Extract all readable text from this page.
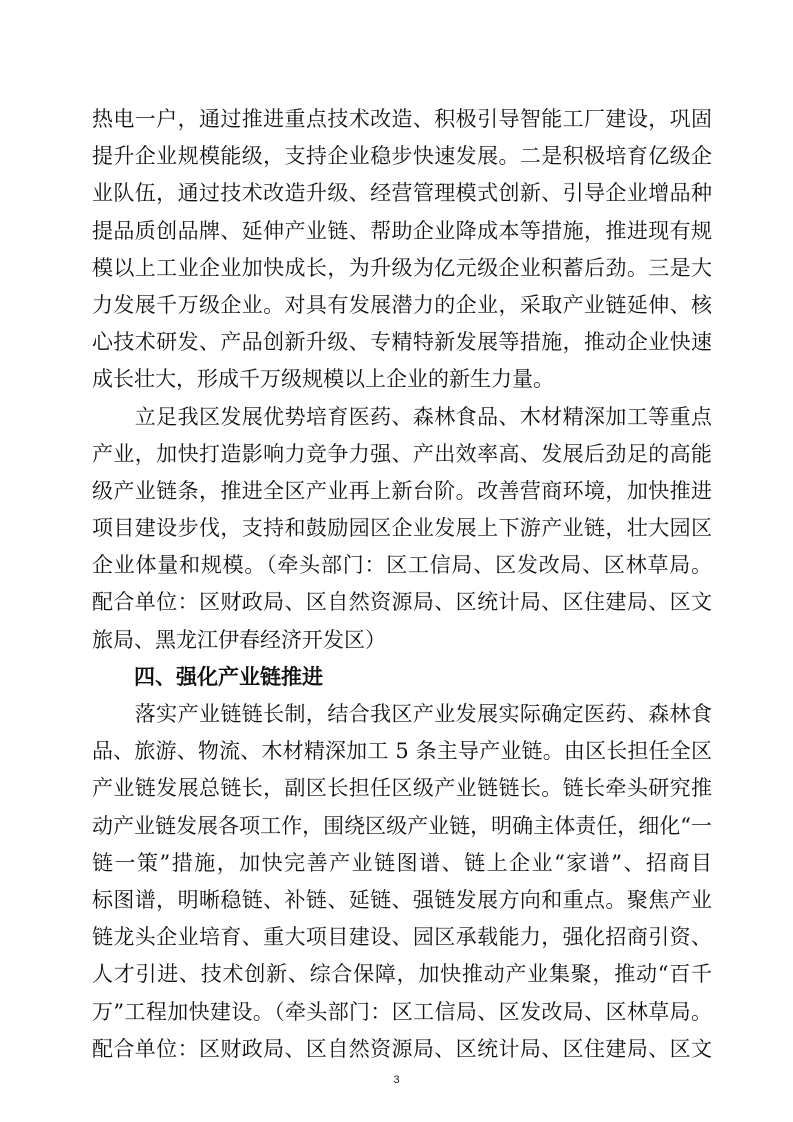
热电一户，通过推进重点技术改造、积极引导智能工厂建设，巩固
提升企业规模能级，支持企业稳步快速发展。二是积极培育亿级企
业队伍，通过技术改造升级、经营管理模式创新、引导企业增品种
提品质创品牌、延伸产业链、帮助企业降成本等措施，推进现有规
模以上工业企业加快成长，为升级为亿元级企业积蓄后劲。三是大
力发展千万级企业。对具有发展潜力的企业，采取产业链延伸、核
心技术研发、产品创新升级、专精特新发展等措施，推动企业快速
成长壮大，形成千万级规模以上企业的新生力量。
　　立足我区发展优势培育医药、森林食品、木材精深加工等重点
产业，加快打造影响力竞争力强、产出效率高、发展后劲足的高能
级产业链条，推进全区产业再上新台阶。改善营商环境，加快推进
项目建设步伐，支持和鼓励园区企业发展上下游产业链，壮大园区
企业体量和规模。（牵头部门：区工信局、区发改局、区林草局。
配合单位：区财政局、区自然资源局、区统计局、区住建局、区文
旅局、黑龙江伊春经济开发区）
　　四、强化产业链推进
　　落实产业链链长制，结合我区产业发展实际确定医药、森林食
品、旅游、物流、木材精深加工 5 条主导产业链。由区长担任全区
产业链发展总链长，副区长担任区级产业链链长。链长牵头研究推
动产业链发展各项工作，围绕区级产业链，明确主体责任，细化“一
链一策”措施，加快完善产业链图谱、链上企业“家谱”、招商目
标图谱，明晰稳链、补链、延链、强链发展方向和重点。聚焦产业
链龙头企业培育、重大项目建设、园区承载能力，强化招商引资、
人才引进、技术创新、综合保障，加快推动产业集聚，推动“百千
万”工程加快建设。（牵头部门：区工信局、区发改局、区林草局。
配合单位：区财政局、区自然资源局、区统计局、区住建局、区文
3
